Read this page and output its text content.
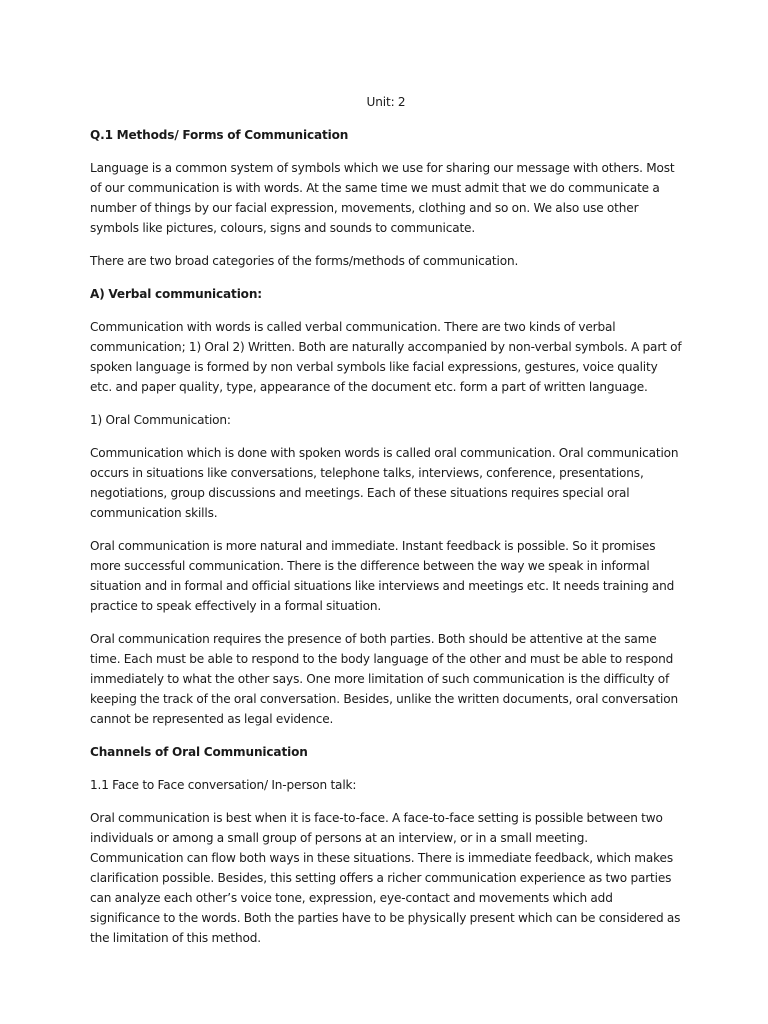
Unit: 2

Q.1 Methods/ Forms of Communication

Language is a common system of symbols which we use for sharing our message with others. Most of our communication is with words. At the same time we must admit that we do communicate a number of things by our facial expression, movements, clothing and so on. We also use other symbols like pictures, colours, signs and sounds to communicate.

There are two broad categories of the forms/methods of communication.

A) Verbal communication:

Communication with words is called verbal communication. There are two kinds of verbal communication; 1) Oral 2) Written. Both are naturally accompanied by non-verbal symbols. A part of spoken language is formed by non verbal symbols like facial expressions, gestures, voice quality etc. and paper quality, type, appearance of the document etc. form a part of written language.

1) Oral Communication:

Communication which is done with spoken words is called oral communication. Oral communication occurs in situations like conversations, telephone talks, interviews, conference, presentations, negotiations, group discussions and meetings. Each of these situations requires special oral communication skills.

Oral communication is more natural and immediate. Instant feedback is possible. So it promises more successful communication. There is the difference between the way we speak in informal situation and in formal and official situations like interviews and meetings etc. It needs training and practice to speak effectively in a formal situation.

Oral communication requires the presence of both parties. Both should be attentive at the same time. Each must be able to respond to the body language of the other and must be able to respond immediately to what the other says. One more limitation of such communication is the difficulty of keeping the track of the oral conversation. Besides, unlike the written documents, oral conversation cannot be represented as legal evidence.

Channels of Oral Communication

1.1 Face to Face conversation/ In-person talk:

Oral communication is best when it is face-to-face. A face-to-face setting is possible between two individuals or among a small group of persons at an interview, or in a small meeting. Communication can flow both ways in these situations. There is immediate feedback, which makes clarification possible. Besides, this setting offers a richer communication experience as two parties can analyze each other’s voice tone, expression, eye-contact and movements which add significance to the words. Both the parties have to be physically present which can be considered as the limitation of this method.
